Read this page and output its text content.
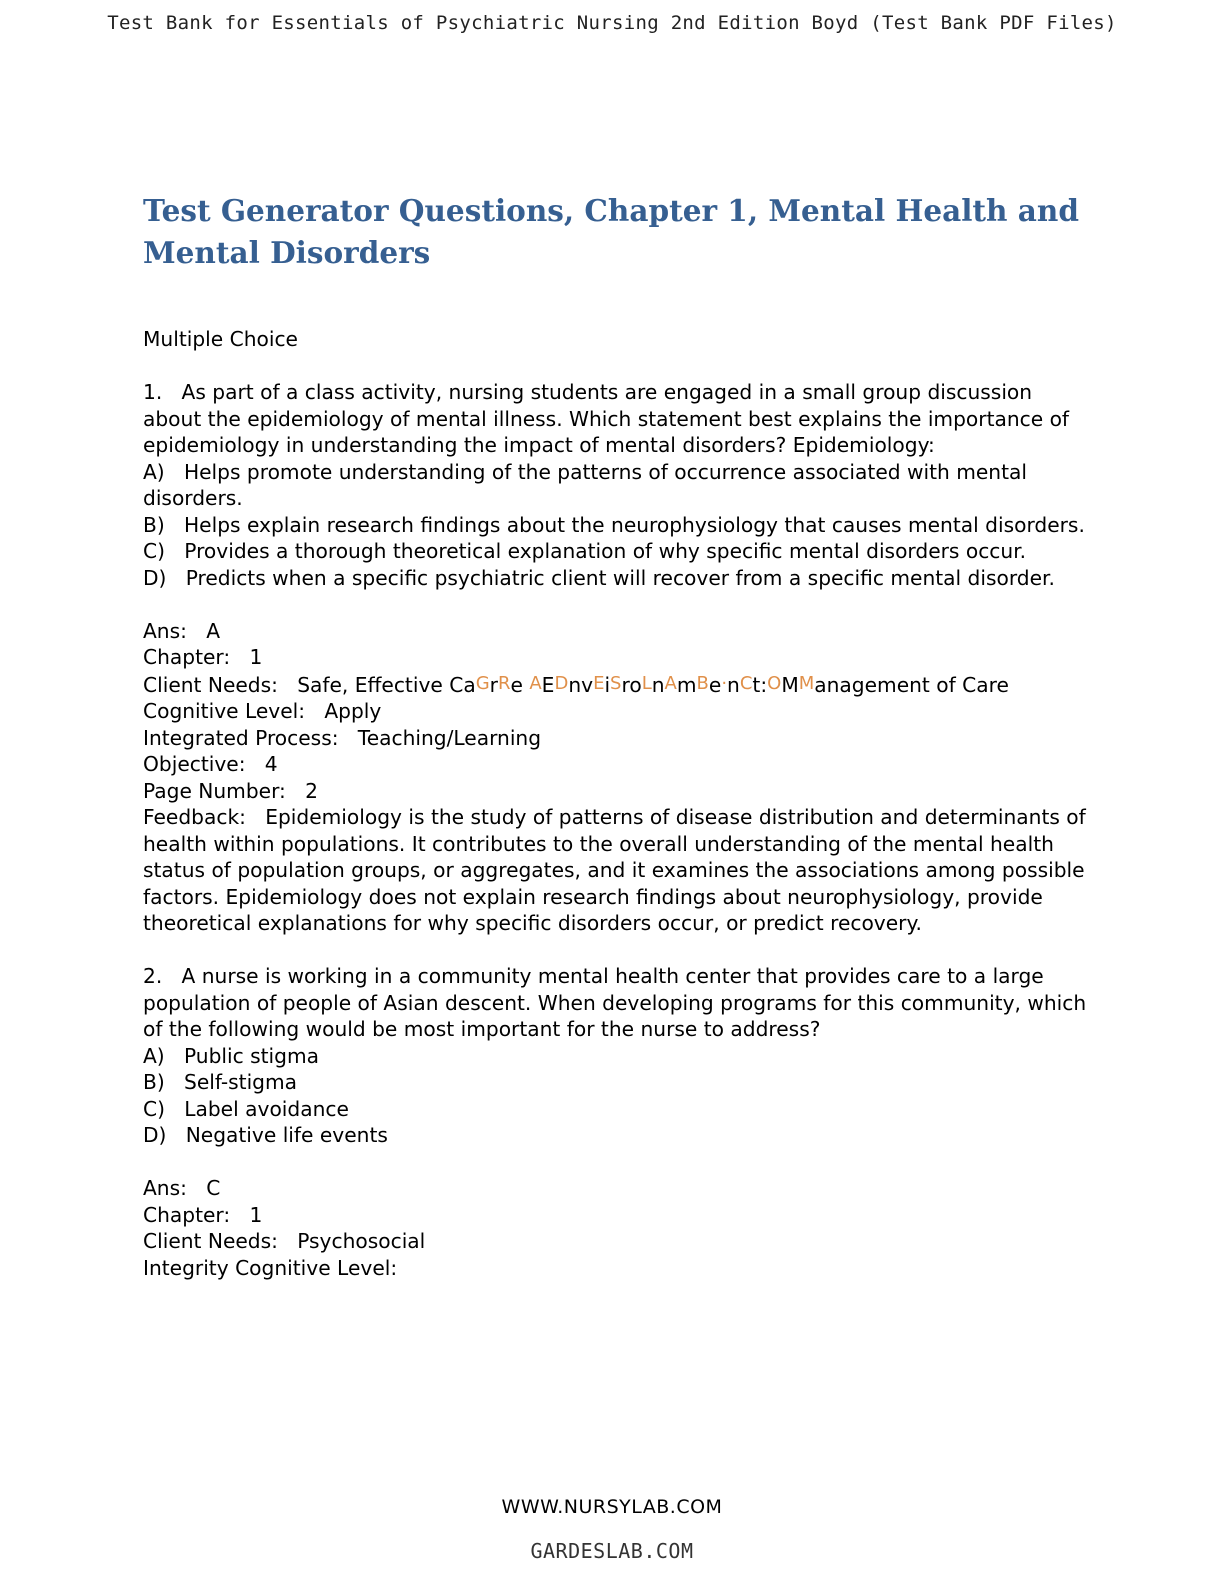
Test Bank for Essentials of Psychiatric Nursing 2nd Edition Boyd (Test Bank PDF Files)
Test Generator Questions, Chapter 1, Mental Health and Mental Disorders

Multiple Choice

1. As part of a class activity, nursing students are engaged in a small group discussion about the epidemiology of mental illness. Which statement best explains the importance of epidemiology in understanding the impact of mental disorders? Epidemiology:

A) Helps promote understanding of the patterns of occurrence associated with mental disorders.

B) Helps explain research findings about the neurophysiology that causes mental disorders.

C) Provides a thorough theoretical explanation of why specific mental disorders occur.

D) Predicts when a specific psychiatric client will recover from a specific mental disorder.

Ans: A

Chapter: 1

Client Needs: Safe, Effective CaGrRe AEDnvEiSroLnAmBe·nCt:OMManagement of Care

Cognitive Level: Apply

Integrated Process: Teaching/Learning

Objective: 4

Page Number: 2

Feedback: Epidemiology is the study of patterns of disease distribution and determinants of health within populations. It contributes to the overall understanding of the mental health status of population groups, or aggregates, and it examines the associations among possible factors. Epidemiology does not explain research findings about neurophysiology, provide theoretical explanations for why specific disorders occur, or predict recovery.

2. A nurse is working in a community mental health center that provides care to a large population of people of Asian descent. When developing programs for this community, which of the following would be most important for the nurse to address?

A) Public stigma

B) Self-stigma

C) Label avoidance

D) Negative life events

Ans: C

Chapter: 1

Client Needs: Psychosocial

Integrity Cognitive Level:

WWW.NURSYLAB.COM
GARDESLAB.COM
